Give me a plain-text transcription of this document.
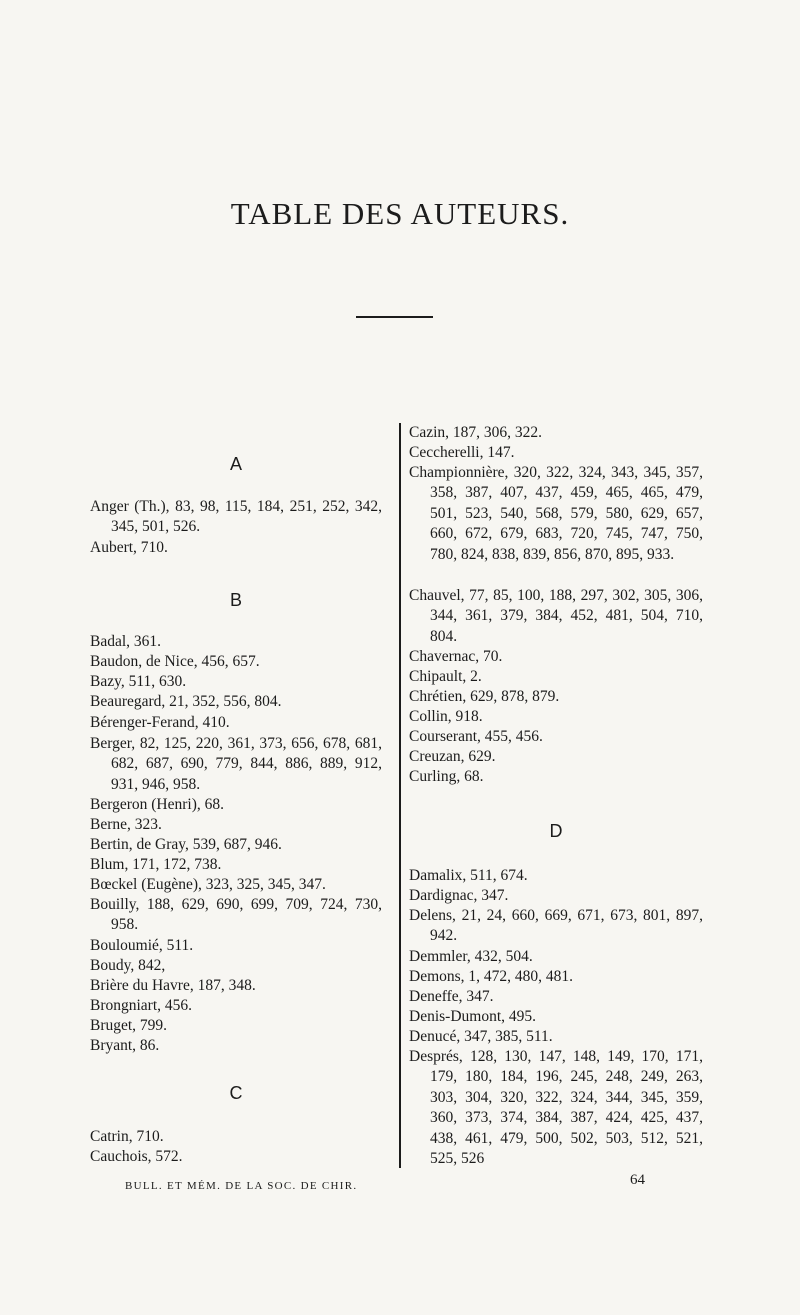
TABLE DES AUTEURS.
A
Anger (Th.), 83, 98, 115, 184, 251, 252, 342, 345, 501, 526.
Aubert, 710.
B
Badal, 361.
Baudon, de Nice, 456, 657.
Bazy, 511, 630.
Beauregard, 21, 352, 556, 804.
Bérenger-Ferand, 410.
Berger, 82, 125, 220, 361, 373, 656, 678, 681, 682, 687, 690, 779, 844, 886, 889, 912, 931, 946, 958.
Bergeron (Henri), 68.
Berne, 323.
Bertin, de Gray, 539, 687, 946.
Blum, 171, 172, 738.
Bœckel (Eugène), 323, 325, 345, 347.
Bouilly, 188, 629, 690, 699, 709, 724, 730, 958.
Bouloumié, 511.
Boudy, 842,
Brière du Havre, 187, 348.
Brongniart, 456.
Bruget, 799.
Bryant, 86.
C
Catrin, 710.
Cauchois, 572.
Cazin, 187, 306, 322.
Ceccherelli, 147.
Championnière, 320, 322, 324, 343, 345, 357, 358, 387, 407, 437, 459, 465, 465, 479, 501, 523, 540, 568, 579, 580, 629, 657, 660, 672, 679, 683, 720, 745, 747, 750, 780, 824, 838, 839, 856, 870, 895, 933.
Chauvel, 77, 85, 100, 188, 297, 302, 305, 306, 344, 361, 379, 384, 452, 481, 504, 710, 804.
Chavernac, 70.
Chipault, 2.
Chrétien, 629, 878, 879.
Collin, 918.
Courserant, 455, 456.
Creuzan, 629.
Curling, 68.
D
Damalix, 511, 674.
Dardignac, 347.
Delens, 21, 24, 660, 669, 671, 673, 801, 897, 942.
Demmler, 432, 504.
Demons, 1, 472, 480, 481.
Deneffe, 347.
Denis-Dumont, 495.
Denucé, 347, 385, 511.
Després, 128, 130, 147, 148, 149, 170, 171, 179, 180, 184, 196, 245, 248, 249, 263, 303, 304, 320, 322, 324, 344, 345, 359, 360, 373, 374, 384, 387, 424, 425, 437, 438, 461, 479, 500, 502, 503, 512, 521, 525, 526
BULL. ET MÉM. DE LA SOC. DE CHIR.	64
